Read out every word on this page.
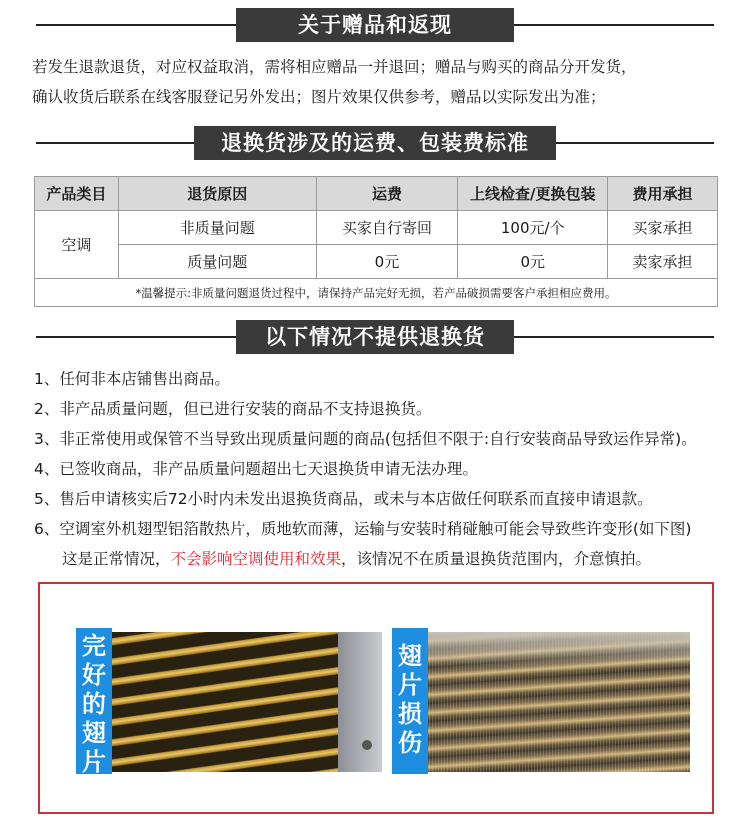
关于赠品和返现
若发生退款退货，对应权益取消，需将相应赠品一并退回；赠品与购买的商品分开发货，
确认收货后联系在线客服登记另外发出；图片效果仅供参考，赠品以实际发出为准；
退换货涉及的运费、包装费标准
产品类目	退货原因	运费	上线检查/更换包装	费用承担
空调	非质量问题	买家自行寄回	100元/个	买家承担
	质量问题	0元	0元	卖家承担
*温馨提示:非质量问题退货过程中，请保持产品完好无损，若产品破损需要客户承担相应费用。				
以下情况不提供退换货
1、任何非本店铺售出商品。
2、非产品质量问题，但已进行安装的商品不支持退换货。
3、非正常使用或保管不当导致出现质量问题的商品(包括但不限于:自行安装商品导致运作异常)。
4、已签收商品，非产品质量问题超出七天退换货申请无法办理。
5、售后申请核实后72小时内未发出退换货商品，或未与本店做任何联系而直接申请退款。
6、空调室外机翅型铝箔散热片，质地软而薄，运输与安装时稍碰触可能会导致些许变形(如下图)
这是正常情况，不会影响空调使用和效果，该情况不在质量退换货范围内，介意慎拍。
完
好
的
翅
片
翅
片
损
伤
